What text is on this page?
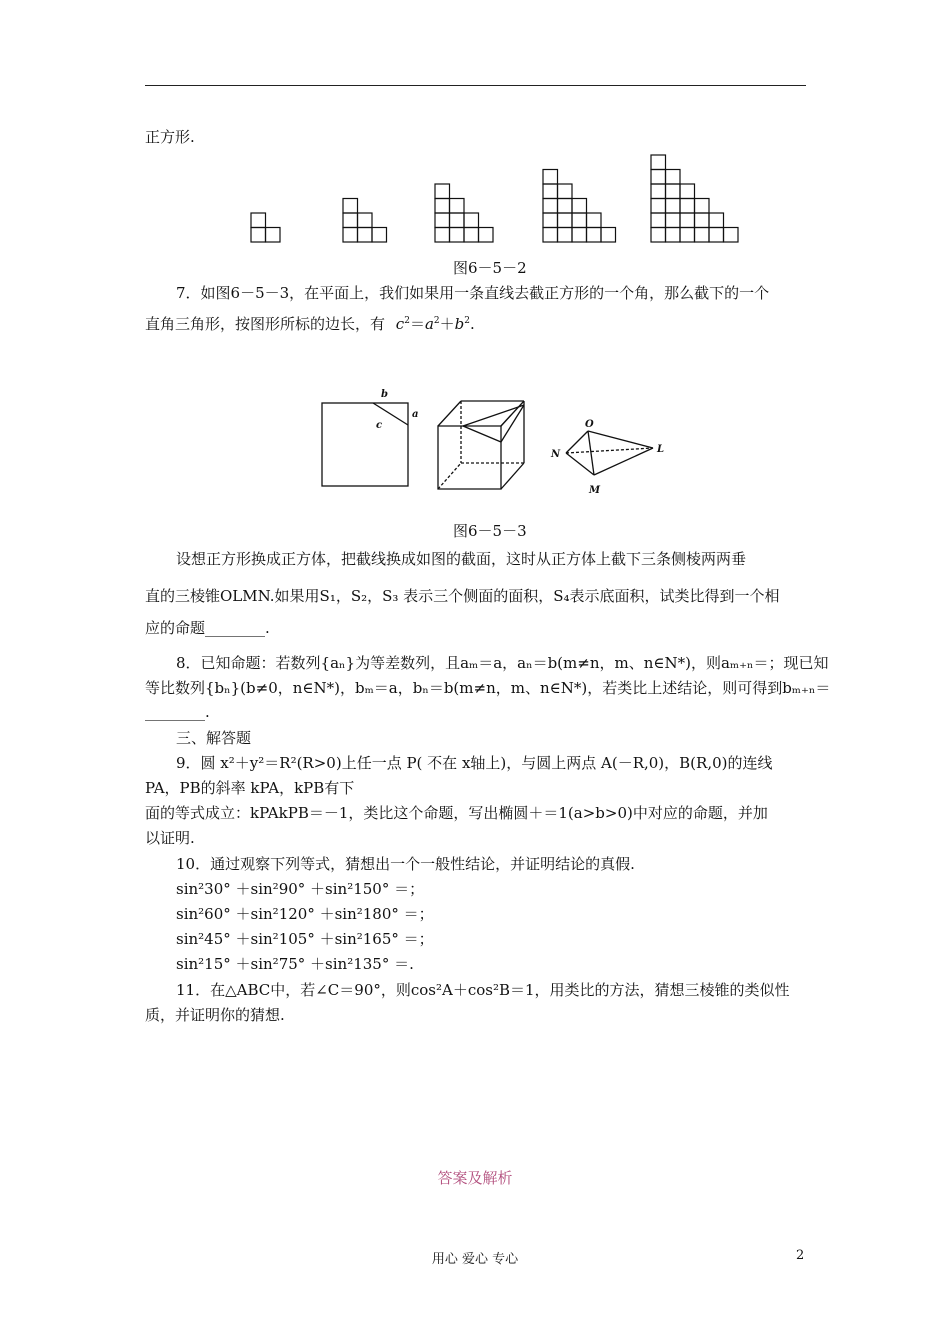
正方形.
图6－5－2
7．如图6－5－3，在平面上，我们如果用一条直线去截正方形的一个角，那么截下的一个
直角三角形，按图形所标的边长，有 $c^2=a^2+b^2$.
b
a
c	O
N	L
M
图6－5－3
设想正方形换成正方体，把截线换成如图的截面，这时从正方体上截下三条侧棱两两垂
直的三棱锥OLMN.如果用S₁，S₂，S₃ 表示三个侧面的面积，S₄表示底面积，试类比得到一个相
应的命题________.
8．已知命题：若数列{aₙ}为等差数列，且aₘ＝a，aₙ＝b(m≠n，m、n∈N*)，则aₘ₊ₙ＝；现已知
等比数列{bₙ}(b≠0，n∈N*)，bₘ＝a，bₙ＝b(m≠n，m、n∈N*)，若类比上述结论，则可得到bₘ₊ₙ＝
________.
三、解答题
9．圆 x²＋y²＝R²(R>0)上任一点 P( 不在 x轴上)，与圆上两点 A(－R,0)，B(R,0)的连线
PA，PB的斜率 kPA，kPB有下
面的等式成立：kPAkPB＝－1，类比这个命题，写出椭圆＋＝1(a>b>0)中对应的命题，并加
以证明.
10．通过观察下列等式，猜想出一个一般性结论，并证明结论的真假.
sin²30° ＋sin²90° ＋sin²150° ＝；
sin²60° ＋sin²120° ＋sin²180° ＝；
sin²45° ＋sin²105° ＋sin²165° ＝；
sin²15° ＋sin²75° ＋sin²135° ＝.
11．在△ABC中，若∠C＝90°，则cos²A＋cos²B＝1，用类比的方法，猜想三棱锥的类似性
质，并证明你的猜想.
答案及解析
用心 爱心 专心	2
